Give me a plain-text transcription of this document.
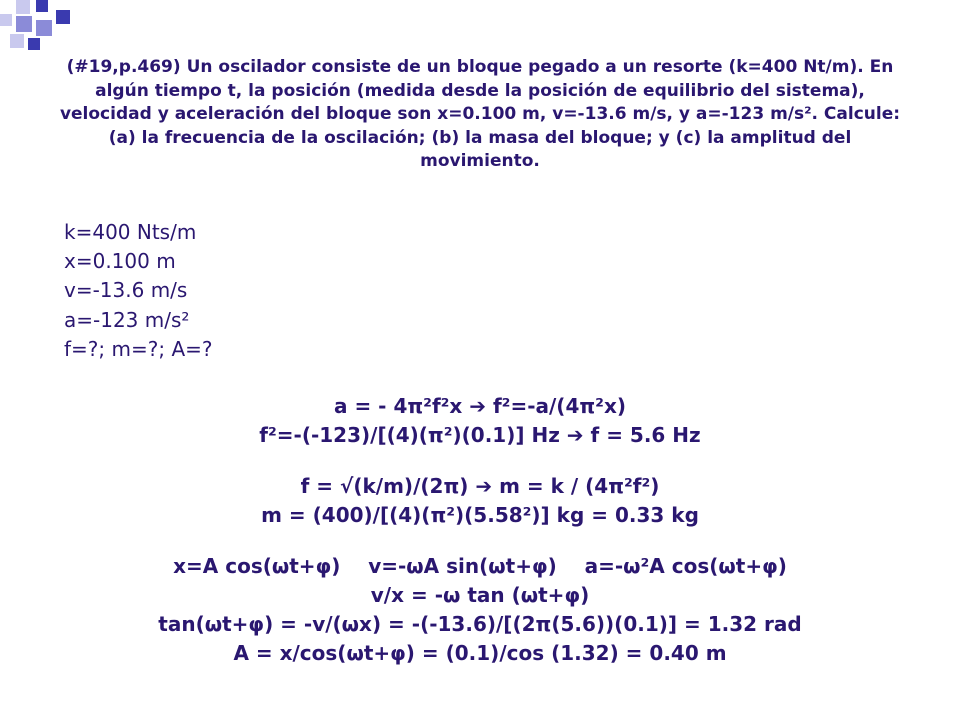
(#19,p.469) Un oscilador consiste de un bloque pegado a un resorte (k=400 Nt/m). En algún tiempo t, la posición (medida desde la posición de equilibrio del sistema), velocidad y aceleración del bloque son x=0.100 m, v=-13.6 m/s, y a=-123 m/s². Calcule: (a) la frecuencia de la oscilación; (b) la masa del bloque; y (c) la amplitud del movimiento.
k=400 Nts/m
x=0.100 m
v=-13.6 m/s
a=-123 m/s²
f=?; m=?; A=?
a = - 4π²f²x ➔ f²=-a/(4π²x)
f²=-(-123)/[(4)(π²)(0.1)] Hz ➔ f = 5.6 Hz
f = √(k/m)/(2π) ➔ m = k / (4π²f²)
m = (400)/[(4)(π²)(5.58²)] kg = 0.33 kg
x=A cos(ωt+φ)    v=-ωA sin(ωt+φ)    a=-ω²A cos(ωt+φ)
v/x = -ω tan (ωt+φ)
tan(ωt+φ) = -v/(ωx) = -(-13.6)/[(2π(5.6))(0.1)] = 1.32 rad
A = x/cos(ωt+φ) = (0.1)/cos (1.32) = 0.40 m
